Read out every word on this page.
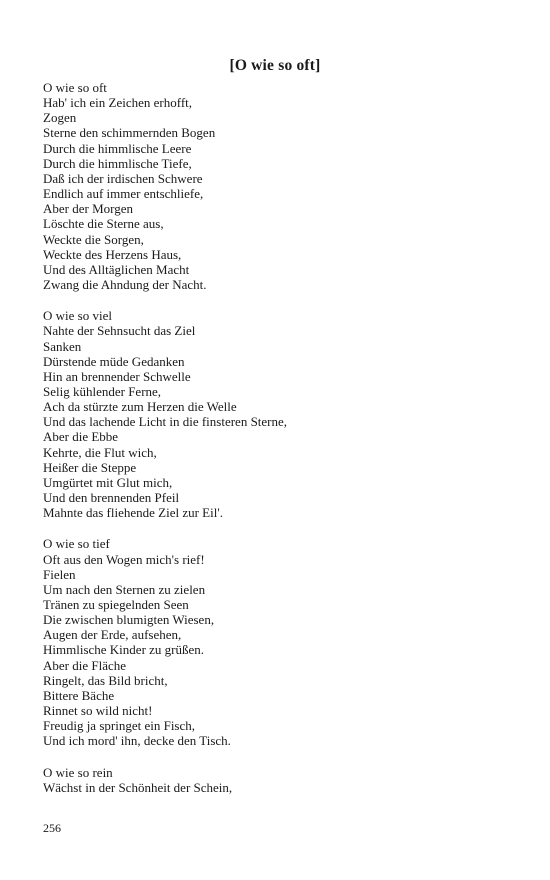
[O wie so oft]
O wie so oft
Hab' ich ein Zeichen erhofft,
Zogen
Sterne den schimmernden Bogen
Durch die himmlische Leere
Durch die himmlische Tiefe,
Daß ich der irdischen Schwere
Endlich auf immer entschliefe,
Aber der Morgen
Löschte die Sterne aus,
Weckte die Sorgen,
Weckte des Herzens Haus,
Und des Alltäglichen Macht
Zwang die Ahndung der Nacht.
O wie so viel
Nahte der Sehnsucht das Ziel
Sanken
Dürstende müde Gedanken
Hin an brennender Schwelle
Selig kühlender Ferne,
Ach da stürzte zum Herzen die Welle
Und das lachende Licht in die finsteren Sterne,
Aber die Ebbe
Kehrte, die Flut wich,
Heißer die Steppe
Umgürtet mit Glut mich,
Und den brennenden Pfeil
Mahnte das fliehende Ziel zur Eil'.
O wie so tief
Oft aus den Wogen mich's rief!
Fielen
Um nach den Sternen zu zielen
Tränen zu spiegelnden Seen
Die zwischen blumigten Wiesen,
Augen der Erde, aufsehen,
Himmlische Kinder zu grüßen.
Aber die Fläche
Ringelt, das Bild bricht,
Bittere Bäche
Rinnet so wild nicht!
Freudig ja springet ein Fisch,
Und ich mord' ihn, decke den Tisch.
O wie so rein
Wächst in der Schönheit der Schein,
256
